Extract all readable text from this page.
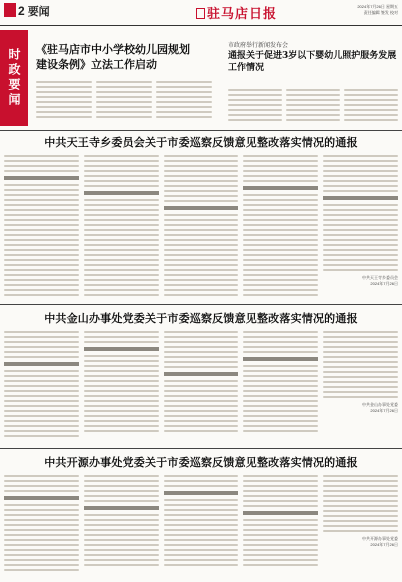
2 要闻	驻马店日报
2024年7月26日 星期五
责任编辑 签发 校对
时政要闻	《驻马店市中小学校幼儿园规划建设条例》立法工作启动
市政府举行新闻发布会
通报关于促进3岁以下婴幼儿照护服务发展工作情况
中共天王寺乡委员会关于市委巡察反馈意见整改落实情况的通报
中共天王寺乡委员会
2024年7月26日
中共金山办事处党委关于市委巡察反馈意见整改落实情况的通报
中共金山办事处党委
2024年7月26日
中共开源办事处党委关于市委巡察反馈意见整改落实情况的通报
中共开源办事处党委
2024年7月26日
